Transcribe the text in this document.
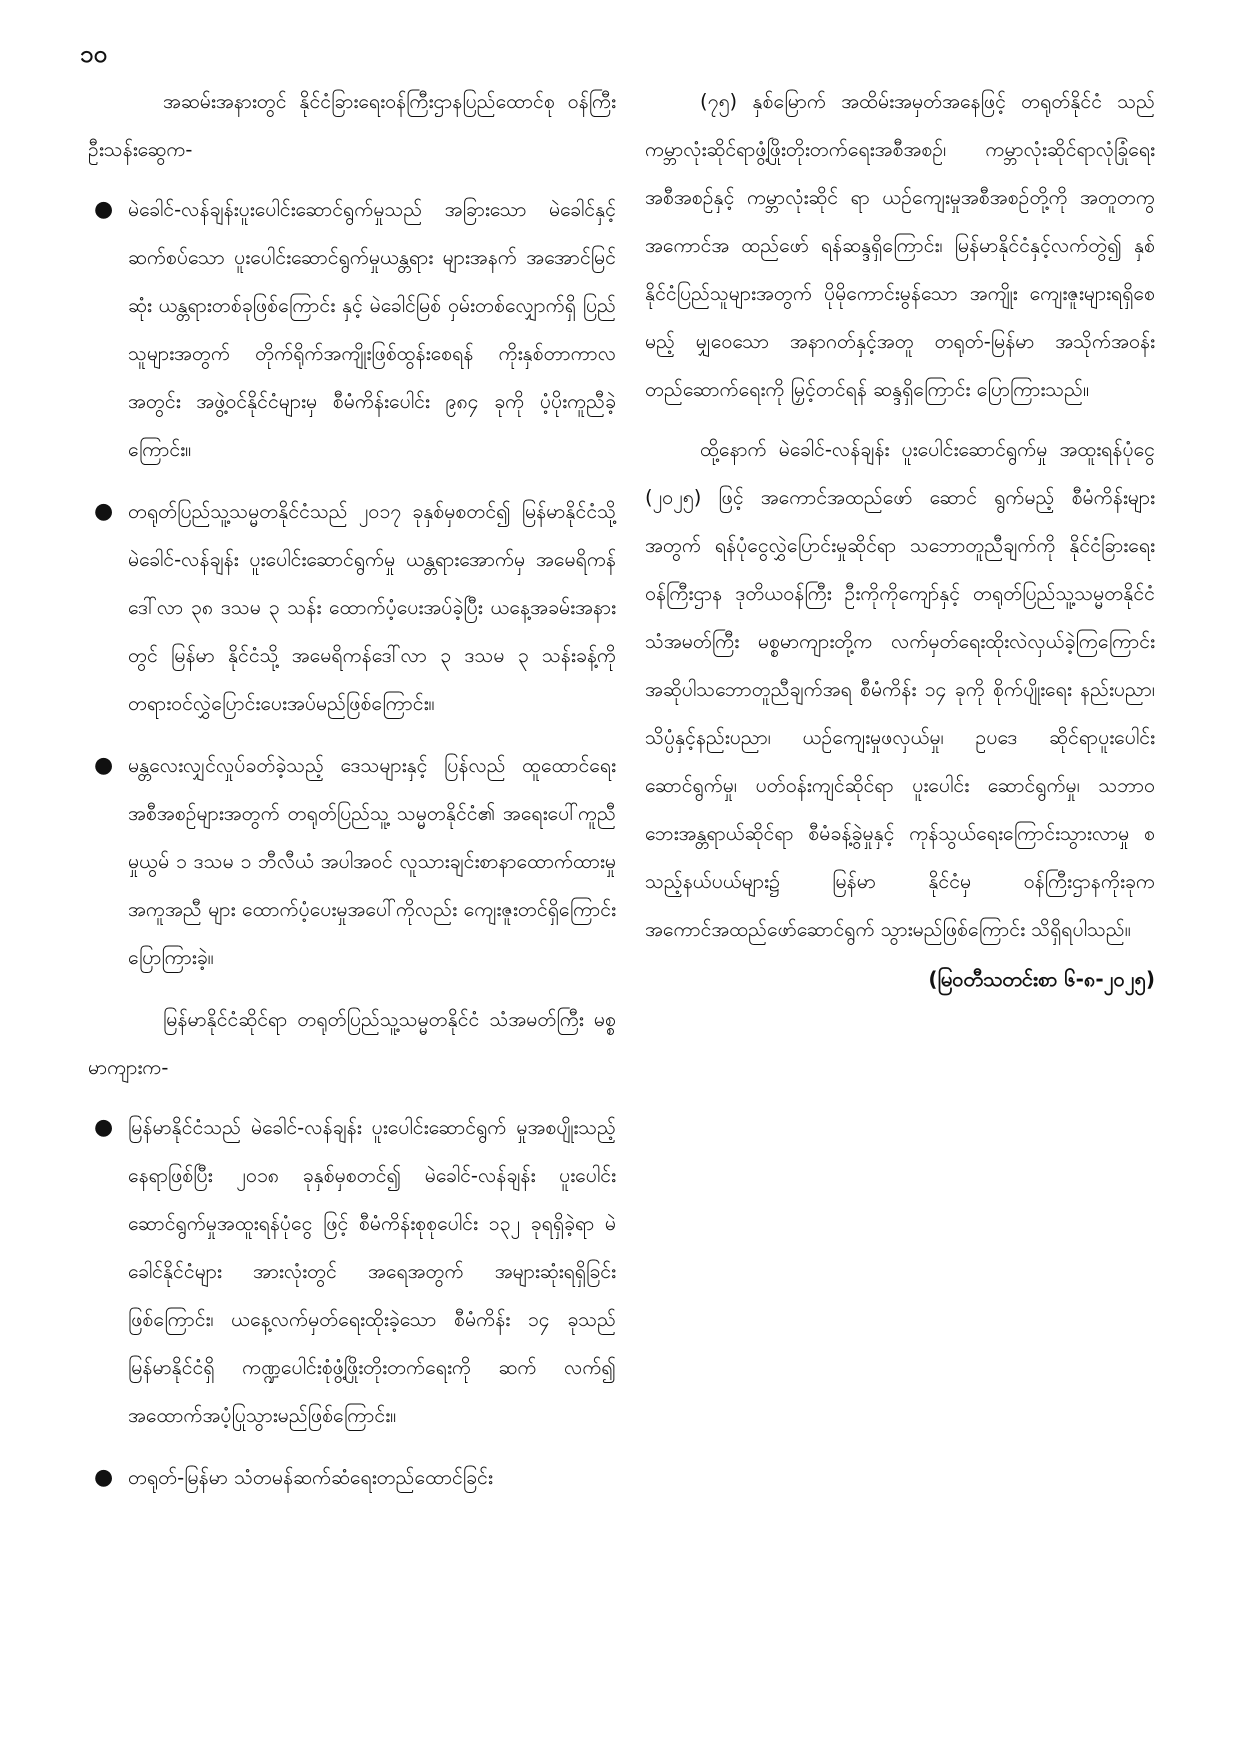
၁၀

အဆမ်းအနားတွင် နိုင်ငံခြားရေးဝန်ကြီးဌာနပြည်ထောင်စု ဝန်ကြီး ဦးသန်းဆွေက-

● မဲခေါင်-လန်ချန်းပူးပေါင်းဆောင်ရွက်မှုသည် အခြားသော မဲခေါင်နှင့်ဆက်စပ်သော ပူးပေါင်းဆောင်ရွက်မှုယန္တရား များအနက် အအောင်မြင်ဆုံး ယန္တရားတစ်ခုဖြစ်ကြောင်း နှင့် မဲခေါင်မြစ် ဝှမ်းတစ်လျှောက်ရှိ ပြည်သူများအတွက် တိုက်ရိုက်အကျိုးဖြစ်ထွန်းစေရန် ကိုးနှစ်တာကာလ အတွင်း အဖွဲ့ဝင်နိုင်ငံများမှ စီမံကိန်းပေါင်း ၉၈၄ ခုကို ပံ့ပိုးကူညီခဲ့ကြောင်း။
● တရုတ်ပြည်သူ့သမ္မတနိုင်ငံသည် ၂၀၁၇ ခုနှစ်မှစတင်၍ မြန်မာနိုင်ငံသို့ မဲခေါင်-လန်ချန်း ပူးပေါင်းဆောင်ရွက်မှု ယန္တရားအောက်မှ အမေရိကန်ဒေါ်လာ ၃၈ ဒသမ ၃ သန်း ထောက်ပံ့ပေးအပ်ခဲ့ပြီး ယနေ့အခမ်းအနားတွင် မြန်မာ နိုင်ငံသို့ အမေရိကန်ဒေါ်လာ ၃ ဒသမ ၃ သန်းခန့်ကို တရားဝင်လွှဲပြောင်းပေးအပ်မည်ဖြစ်ကြောင်း။
● မန္တလေးလျှင်လှုပ်ခတ်ခဲ့သည့် ဒေသများနှင့် ပြန်လည် ထူထောင်ရေးအစီအစဉ်များအတွက် တရုတ်ပြည်သူ့ သမ္မတနိုင်ငံ၏ အရေးပေါ်ကူညီမှုယွမ် ၁ ဒသမ ၁ ဘီလီယံ အပါအဝင် လူသားချင်းစာနာထောက်ထားမှုအကူအညီ များ ထောက်ပံ့ပေးမှုအပေါ်ကိုလည်း ကျေးဇူးတင်ရှိကြောင်း ပြောကြားခဲ့။

မြန်မာနိုင်ငံဆိုင်ရာ တရုတ်ပြည်သူ့သမ္မတနိုင်ငံ သံအမတ်ကြီး မစ္စမာကျားက-

● မြန်မာနိုင်ငံသည် မဲခေါင်-လန်ချန်း ပူးပေါင်းဆောင်ရွက် မှုအစပျိုးသည့် နေရာဖြစ်ပြီး ၂၀၁၈ ခုနှစ်မှစတင်၍ မဲခေါင်-လန်ချန်း ပူးပေါင်းဆောင်ရွက်မှုအထူးရန်ပုံငွေ ဖြင့် စီမံကိန်းစုစုပေါင်း ၁၃၂ ခုရရှိခဲ့ရာ မဲခေါင်နိုင်ငံများ အားလုံးတွင် အရေအတွက် အများဆုံးရရှိခြင်းဖြစ်ကြောင်း၊ ယနေ့လက်မှတ်ရေးထိုးခဲ့သော စီမံကိန်း ၁၄ ခုသည် မြန်မာနိုင်ငံရှိ ကဏ္ဍပေါင်းစုံဖွံ့ဖြိုးတိုးတက်ရေးကို ဆက် လက်၍ အထောက်အပံ့ပြုသွားမည်ဖြစ်ကြောင်း။
● တရုတ်-မြန်မာ သံတမန်ဆက်ဆံရေးတည်ထောင်ခြင်း

(၇၅) နှစ်မြောက် အထိမ်းအမှတ်အနေဖြင့် တရုတ်နိုင်ငံ သည် ကမ္ဘာလုံးဆိုင်ရာဖွံ့ဖြိုးတိုးတက်ရေးအစီအစဉ်၊ ကမ္ဘာလုံးဆိုင်ရာလုံခြုံရေး အစီအစဉ်နှင့် ကမ္ဘာလုံးဆိုင် ရာ ယဉ်ကျေးမှုအစီအစဉ်တို့ကို အတူတကွအကောင်အ ထည်ဖော် ရန်ဆန္ဒရှိကြောင်း၊ မြန်မာနိုင်ငံနှင့်လက်တွဲ၍ နှစ်နိုင်ငံပြည်သူများအတွက် ပိုမိုကောင်းမွန်သော အကျိုး ကျေးဇူးများရရှိစေမည့် မျှဝေသော အနာဂတ်နှင့်အတူ တရုတ်-မြန်မာ အသိုက်အဝန်းတည်ဆောက်ရေးကို မြှင့်တင်ရန် ဆန္ဒရှိကြောင်း ပြောကြားသည်။

ထို့နောက် မဲခေါင်-လန်ချန်း ပူးပေါင်းဆောင်ရွက်မှု အထူးရန်ပုံငွေ (၂၀၂၅) ဖြင့် အကောင်အထည်ဖော် ဆောင် ရွက်မည့် စီမံကိန်းများအတွက် ရန်ပုံငွေလွှဲပြောင်းမှုဆိုင်ရာ သဘောတူညီချက်ကို နိုင်ငံခြားရေးဝန်ကြီးဌာန ဒုတိယဝန်ကြီး ဦးကိုကိုကျော်နှင့် တရုတ်ပြည်သူ့သမ္မတနိုင်ငံ သံအမတ်ကြီး မစ္စမာကျားတို့က လက်မှတ်ရေးထိုးလဲလှယ်ခဲ့ကြကြောင်း အဆိုပါသဘောတူညီချက်အရ စီမံကိန်း ၁၄ ခုကို စိုက်ပျိုးရေး နည်းပညာ၊ သိပ္ပံနှင့်နည်းပညာ၊ ယဉ်ကျေးမှုဖလှယ်မှု၊ ဥပဒေ ဆိုင်ရာပူးပေါင်းဆောင်ရွက်မှု၊ ပတ်ဝန်းကျင်ဆိုင်ရာ ပူးပေါင်း ဆောင်ရွက်မှု၊ သဘာဝဘေးအန္တရာယ်ဆိုင်ရာ စီမံခန့်ခွဲမှုနှင့် ကုန်သွယ်ရေးကြောင်းသွားလာမှု စသည့်နယ်ပယ်များ၌ မြန်မာ နိုင်ငံမှ ဝန်ကြီးဌာနကိုးခုက အကောင်အထည်ဖော်ဆောင်ရွက် သွားမည်ဖြစ်ကြောင်း သိရှိရပါသည်။

(မြဝတီသတင်းစာ ၆-၈-၂၀၂၅)
